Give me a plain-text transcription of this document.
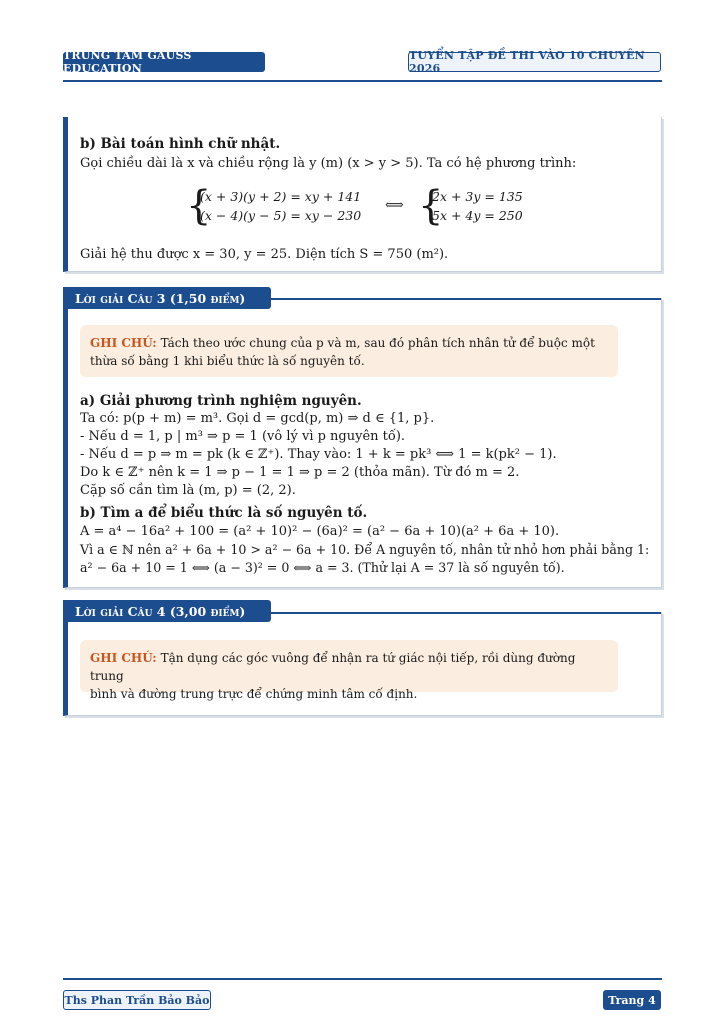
TRUNG TÂM GAUSS EDUCATION
TUYỂN TẬP ĐỀ THI VÀO 10 CHUYÊN 2026
b) Bài toán hình chữ nhật.
Gọi chiều dài là x và chiều rộng là y (m) (x > y > 5). Ta có hệ phương trình:
{
(x + 3)(y + 2) = xy + 141
(x − 4)(y − 5) = xy − 230
⟺ {
2x + 3y = 135
5x + 4y = 250
Giải hệ thu được x = 30, y = 25. Diện tích S = 750 (m²).
Lời giải Câu 3 (1,50 điểm)
GHI CHÚ: Tách theo ước chung của p và m, sau đó phân tích nhân tử để buộc một
thừa số bằng 1 khi biểu thức là số nguyên tố.
a) Giải phương trình nghiệm nguyên.
Ta có: p(p + m) = m³. Gọi d = gcd(p, m) ⇒ d ∈ {1, p}.
- Nếu d = 1, p | m³ ⇒ p = 1 (vô lý vì p nguyên tố).
- Nếu d = p ⇒ m = pk (k ∈ ℤ⁺). Thay vào: 1 + k = pk³ ⟺ 1 = k(pk² − 1).
Do k ∈ ℤ⁺ nên k = 1 ⇒ p − 1 = 1 ⇒ p = 2 (thỏa mãn). Từ đó m = 2.
Cặp số cần tìm là (m, p) = (2, 2).
b) Tìm a để biểu thức là số nguyên tố.
A = a⁴ − 16a² + 100 = (a² + 10)² − (6a)² = (a² − 6a + 10)(a² + 6a + 10).
Vì a ∈ ℕ nên a² + 6a + 10 > a² − 6a + 10. Để A nguyên tố, nhân tử nhỏ hơn phải bằng 1:
a² − 6a + 10 = 1 ⟺ (a − 3)² = 0 ⟺ a = 3. (Thử lại A = 37 là số nguyên tố).
Lời giải Câu 4 (3,00 điểm)
GHI CHÚ: Tận dụng các góc vuông để nhận ra tứ giác nội tiếp, rồi dùng đường trung
bình và đường trung trực để chứng minh tâm cố định.
Ths Phan Trần Bảo Bảo	Trang 4
